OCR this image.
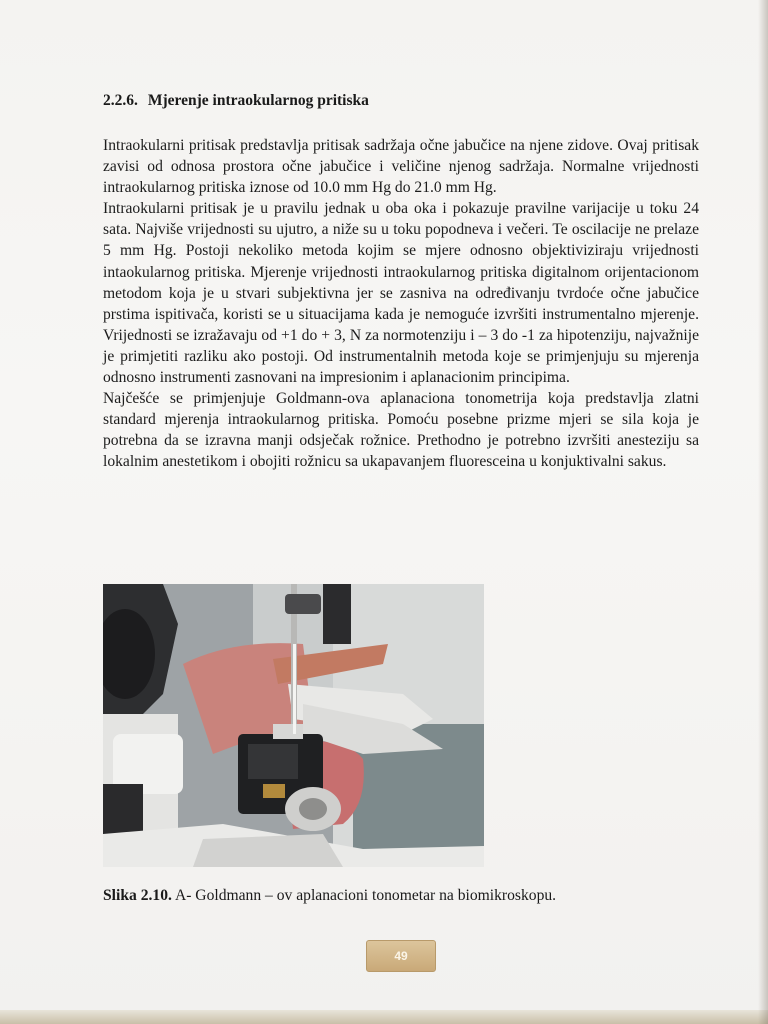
2.2.6. Mjerenje intraokularnog pritiska

Intraokularni pritisak predstavlja pritisak sadržaja očne jabučice na njene zidove. Ovaj pritisak zavisi od odnosa prostora očne jabučice i veličine njenog sadržaja. Normalne vrijednosti intraokularnog pritiska iznose od 10.0 mm Hg do 21.0 mm Hg.

Intraokularni pritisak je u pravilu jednak u oba oka i pokazuje pravilne varijacije u toku 24 sata. Najviše vrijednosti su ujutro, a niže su u toku popodneva i večeri. Te oscilacije ne prelaze 5 mm Hg. Postoji nekoliko metoda kojim se mjere odnosno objektiviziraju vrijednosti intaokularnog pritiska. Mjerenje vrijednosti intraokularnog pritiska digitalnom orijentacionom metodom koja je u stvari subjektivna jer se zasniva na određivanju tvrdoće očne jabučice prstima ispitivača, koristi se u situacijama kada je nemoguće izvršiti instrumentalno mjerenje. Vrijednosti se izražavaju od +1 do + 3, N za normotenziju i – 3 do -1 za hipotenziju, najvažnije je primjetiti razliku ako postoji. Od instrumentalnih metoda koje se primjenjuju su mjerenja odnosno instrumenti zasnovani na impresionim i aplanacionim principima.

Najčešće se primjenjuje Goldmann-ova aplanaciona tonometrija koja predstavlja zlatni standard mjerenja intraokularnog pritiska. Pomoću posebne prizme mjeri se sila koja je potrebna da se izravna manji odsječak rožnice. Prethodno je potrebno izvršiti anesteziju sa lokalnim anestetikom i obojiti rožnicu sa ukapavanjem fluoresceina u konjuktivalni sakus.

Slika 2.10. A- Goldmann – ov aplanacioni tonometar na biomikroskopu.
49
